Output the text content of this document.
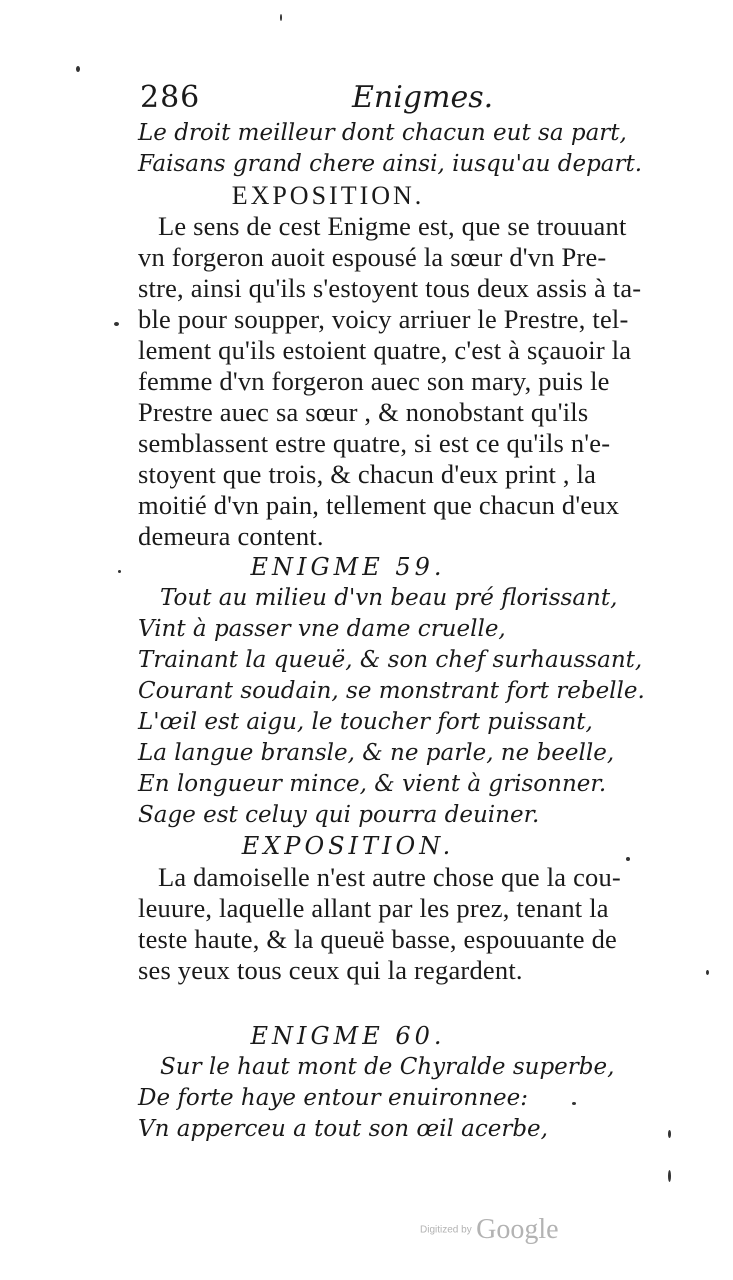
286	Enigmes.
Le droit meilleur dont chacun eut sa part,
Faisans grand chere ainsi, iusqu'au depart.
EXPOSITION.
Le sens de cest Enigme est, que se trouuant
vn forgeron auoit espousé la sœur d'vn Pre-
stre, ainsi qu'ils s'estoyent tous deux assis à ta-
ble pour soupper, voicy arriuer le Prestre, tel-
lement qu'ils estoient quatre, c'est à sçauoir la
femme d'vn forgeron auec son mary, puis le
Prestre auec sa sœur , & nonobstant qu'ils
semblassent estre quatre, si est ce qu'ils n'e-
stoyent que trois, & chacun d'eux print , la
moitié d'vn pain, tellement que chacun d'eux
demeura content.
ENIGME 59.
Tout au milieu d'vn beau pré florissant,
Vint à passer vne dame cruelle,
Trainant la queuë, & son chef surhaussant,
Courant soudain, se monstrant fort rebelle.
L'œil est aigu, le toucher fort puissant,
La langue bransle, & ne parle, ne beelle,
En longueur mince, & vient à grisonner.
Sage est celuy qui pourra deuiner.
EXPOSITION.
La damoiselle n'est autre chose que la cou-
leuure, laquelle allant par les prez, tenant la
teste haute, & la queuë basse, espouuante de
ses yeux tous ceux qui la regardent.
ENIGME 60.
Sur le haut mont de Chyralde superbe,
De forte haye entour enuironnee:
Vn apperceu a tout son œil acerbe,
Digitized by Google
